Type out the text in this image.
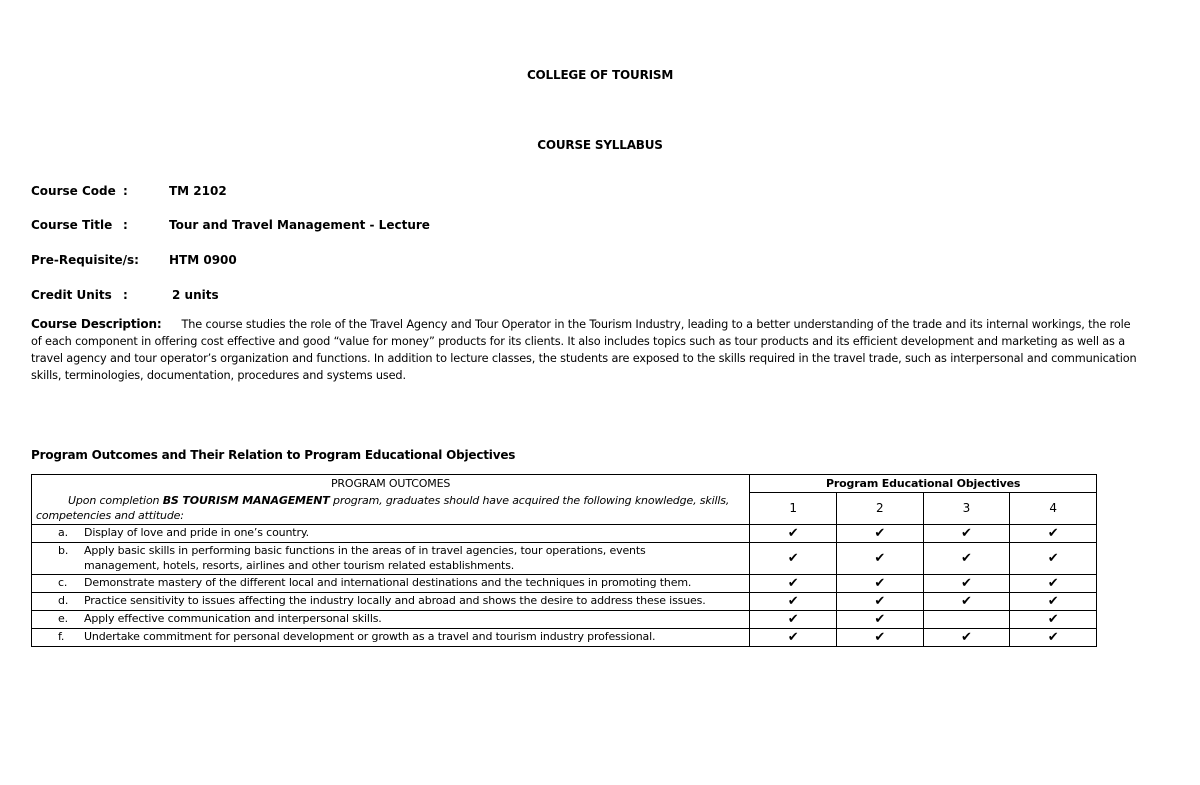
COLLEGE OF TOURISM
COURSE SYLLABUS
Course Code :	TM 2102
Course Title :	Tour and Travel Management - Lecture
Pre-Requisite/s:	HTM 0900
Credit Units :	2 units
Course Description: The course studies the role of the Travel Agency and Tour Operator in the Tourism Industry, leading to a better understanding of the trade and its internal workings, the role of each component in offering cost effective and good “value for money” products for its clients. It also includes topics such as tour products and its efficient development and marketing as well as a travel agency and tour operator’s organization and functions. In addition to lecture classes, the students are exposed to the skills required in the travel trade, such as interpersonal and communication skills, terminologies, documentation, procedures and systems used.
Program Outcomes and Their Relation to Program Educational Objectives
PROGRAM OUTCOMES	Program Educational Objectives			

Upon completion BS TOURISM MANAGEMENT program, graduates should have acquired the following knowledge, skills,
competencies and attitude:	1	2	3	4
a. Display of love and pride in one’s country.	✔	✔	✔	✔
b. Apply basic skills in performing basic functions in the areas of in travel agencies, tour operations, events
management, hotels, resorts, airlines and other tourism related establishments.	✔	✔	✔	✔
c. Demonstrate mastery of the different local and international destinations and the techniques in promoting them.	✔	✔	✔	✔
d. Practice sensitivity to issues affecting the industry locally and abroad and shows the desire to address these issues.	✔	✔	✔	✔
e. Apply effective communication and interpersonal skills.	✔	✔		✔
f. Undertake commitment for personal development or growth as a travel and tourism industry professional.	✔	✔	✔	✔
